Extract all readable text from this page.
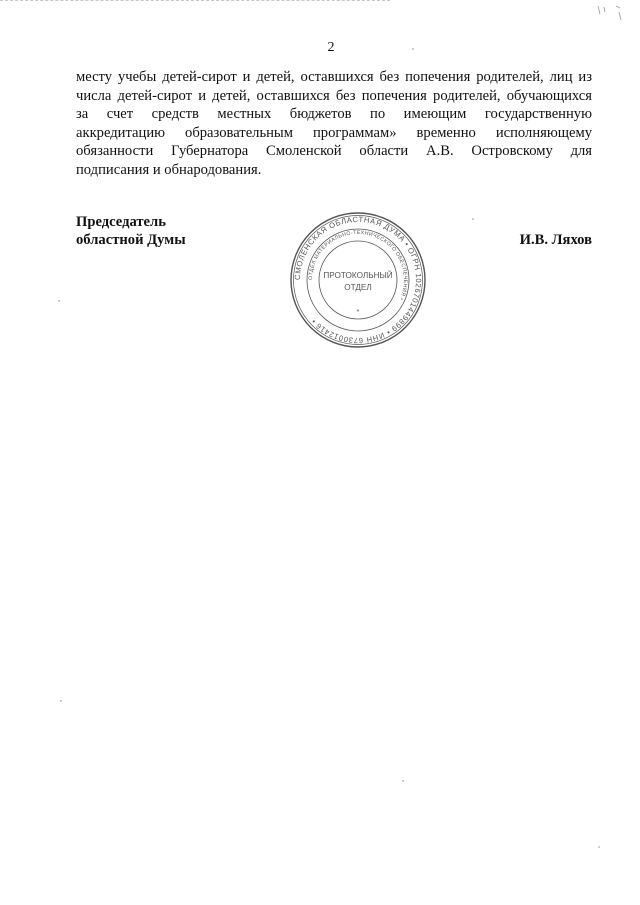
2

месту учебы детей-сирот и детей, оставшихся без попечения родителей, лиц из
числа детей-сирот и детей, оставшихся без попечения родителей, обучающихся
за счет средств местных бюджетов по имеющим государственную
аккредитацию образовательным программам» временно исполняющему
обязанности Губернатора Смоленской области А.В. Островскому для
подписания и обнародования.

Председатель
областной Думы	И.В. Ляхов
СМОЛЕНСКАЯ ОБЛАСТНАЯ ДУМА • ОГРН 1026701449899 • ИНН 6730012416 •
ОТДЕЛ МАТЕРИАЛЬНО-ТЕХНИЧЕСКОГО ОБЕСПЕЧЕНИЯ •
ПРОТОКОЛЬНЫЙ
ОТДЕЛ
*
